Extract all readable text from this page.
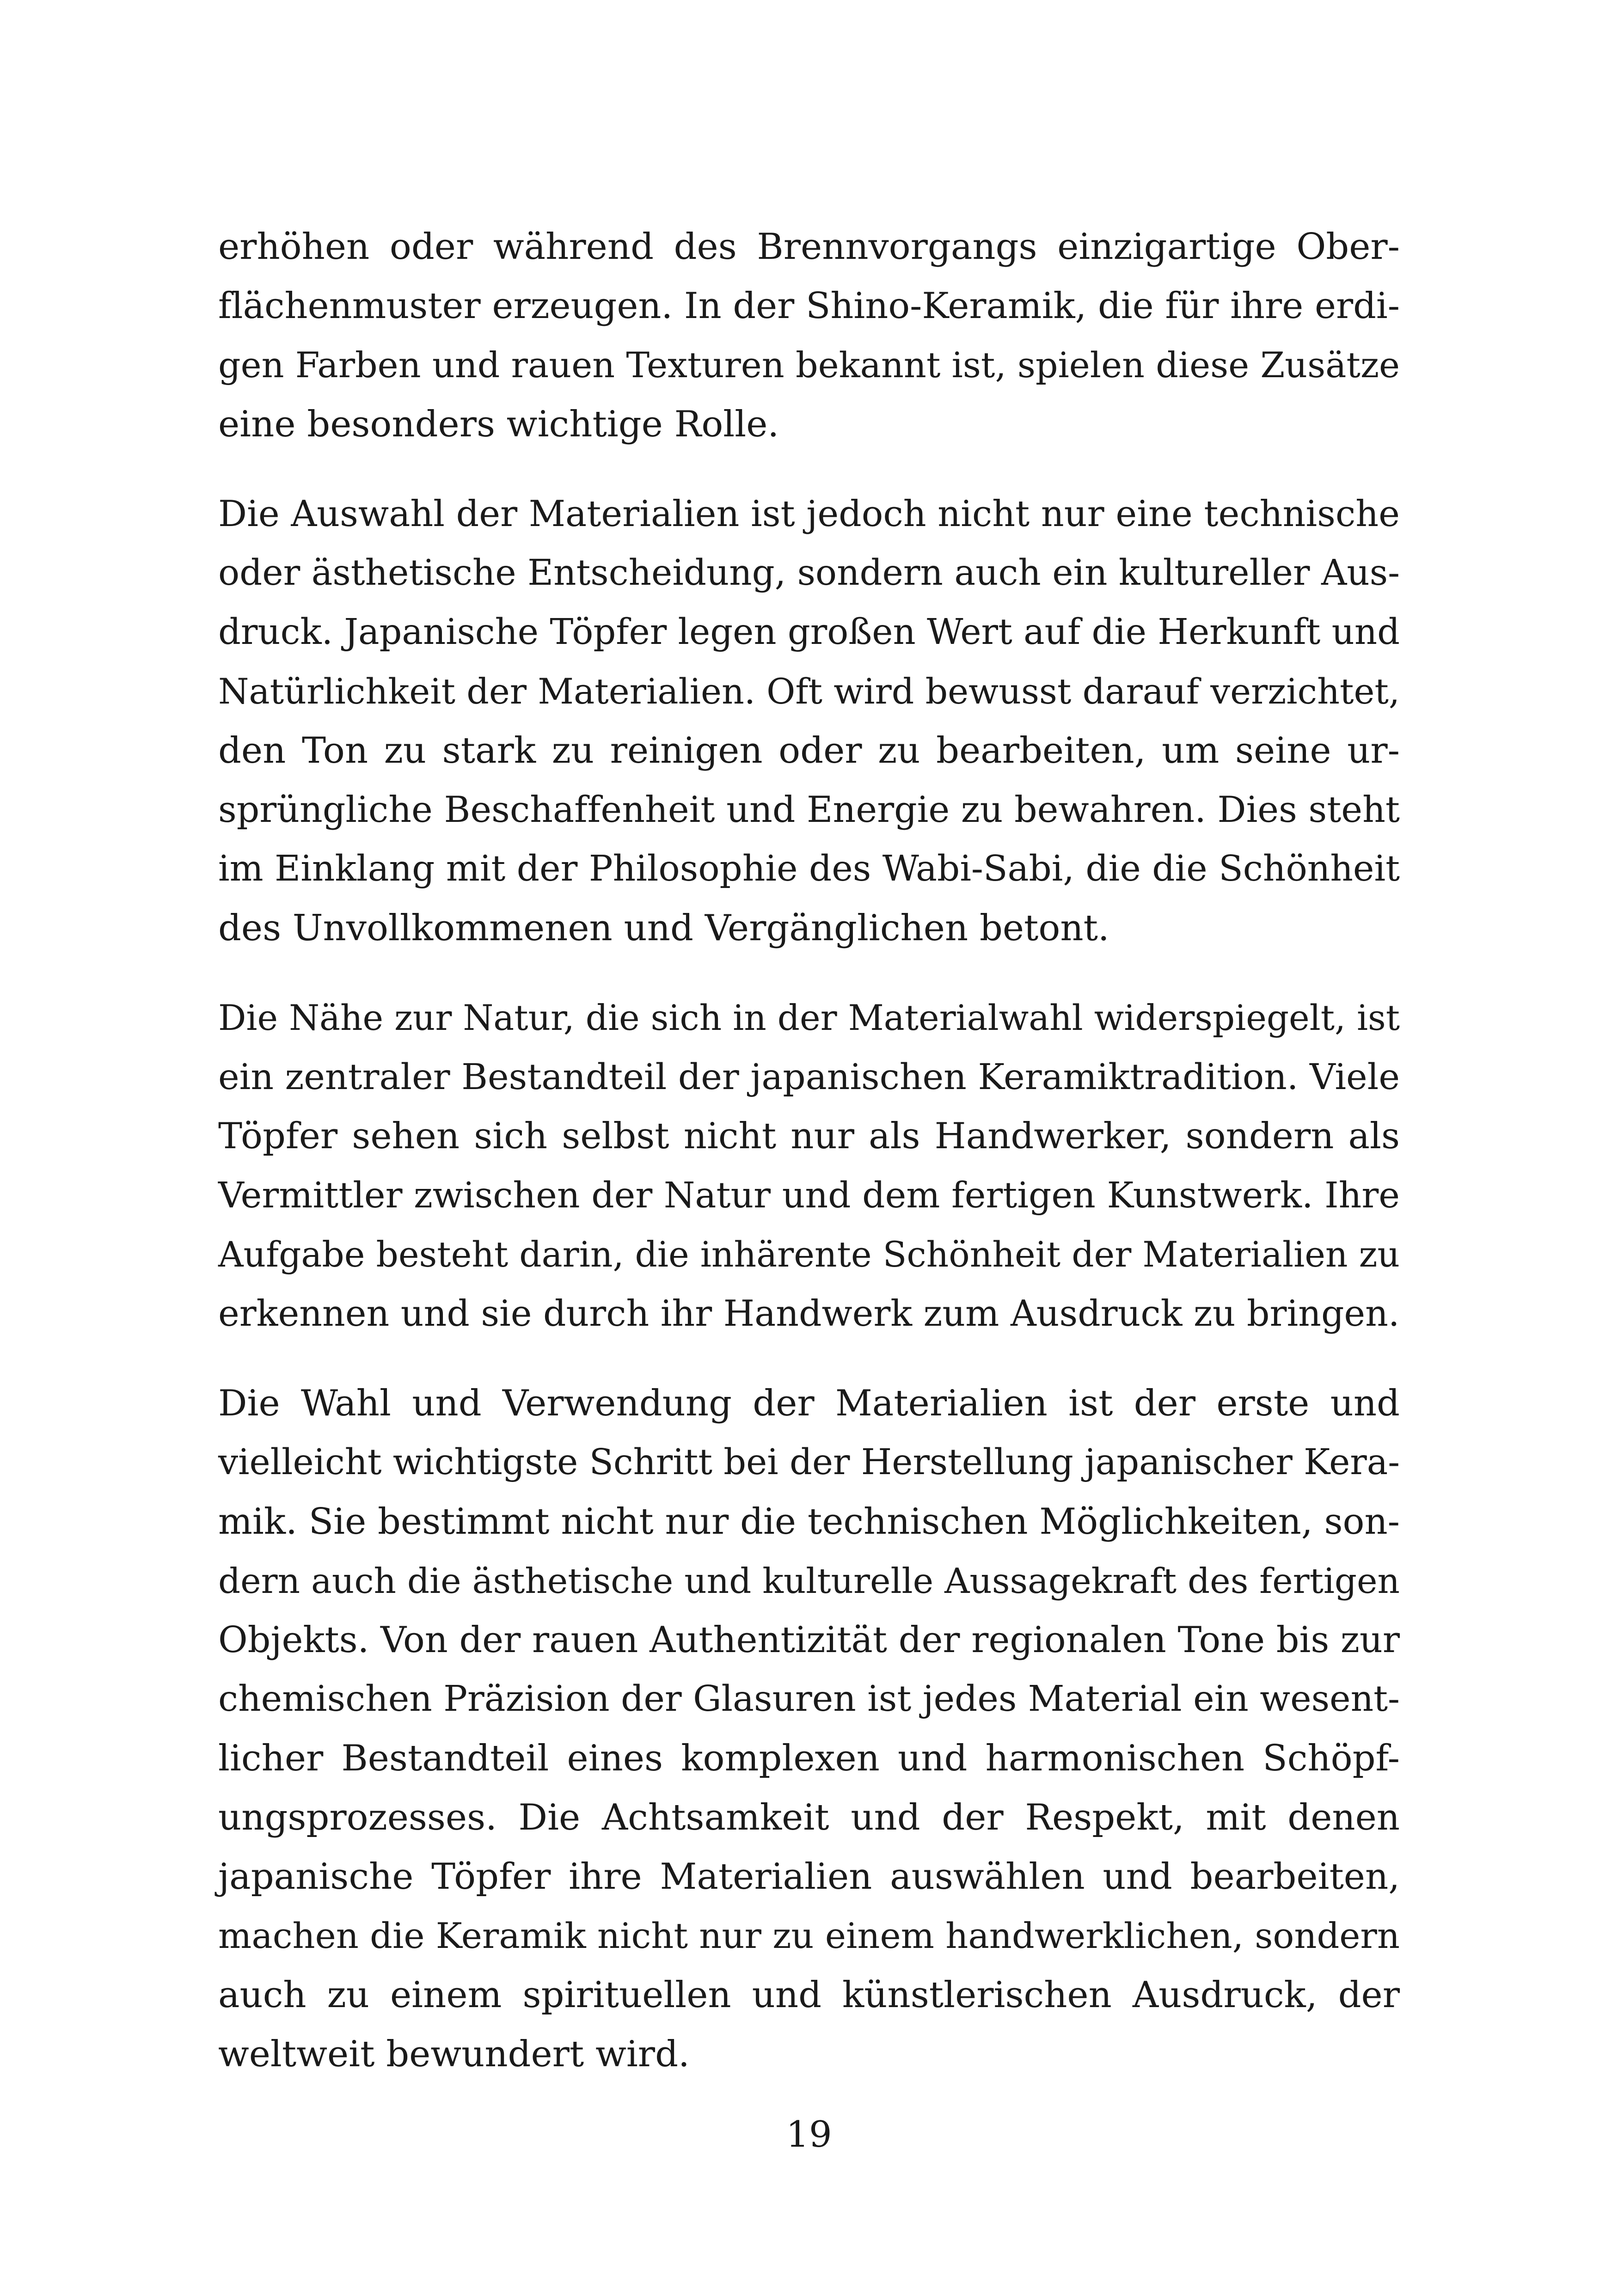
erhöhen oder während des Brennvorgangs einzigartige Ober-
flächenmuster erzeugen. In der Shino-Keramik, die für ihre erdi-
gen Farben und rauen Texturen bekannt ist, spielen diese Zusätze
eine besonders wichtige Rolle.
Die Auswahl der Materialien ist jedoch nicht nur eine technische
oder ästhetische Entscheidung, sondern auch ein kultureller Aus-
druck. Japanische Töpfer legen großen Wert auf die Herkunft und
Natürlichkeit der Materialien. Oft wird bewusst darauf verzichtet,
den Ton zu stark zu reinigen oder zu bearbeiten, um seine ur-
sprüngliche Beschaffenheit und Energie zu bewahren. Dies steht
im Einklang mit der Philosophie des Wabi-Sabi, die die Schönheit
des Unvollkommenen und Vergänglichen betont.
Die Nähe zur Natur, die sich in der Materialwahl widerspiegelt, ist
ein zentraler Bestandteil der japanischen Keramiktradition. Viele
Töpfer sehen sich selbst nicht nur als Handwerker, sondern als
Vermittler zwischen der Natur und dem fertigen Kunstwerk. Ihre
Aufgabe besteht darin, die inhärente Schönheit der Materialien zu
erkennen und sie durch ihr Handwerk zum Ausdruck zu bringen.
Die Wahl und Verwendung der Materialien ist der erste und
vielleicht wichtigste Schritt bei der Herstellung japanischer Kera-
mik. Sie bestimmt nicht nur die technischen Möglichkeiten, son-
dern auch die ästhetische und kulturelle Aussagekraft des fertigen
Objekts. Von der rauen Authentizität der regionalen Tone bis zur
chemischen Präzision der Glasuren ist jedes Material ein wesent-
licher Bestandteil eines komplexen und harmonischen Schöpf-
ungsprozesses. Die Achtsamkeit und der Respekt, mit denen
japanische Töpfer ihre Materialien auswählen und bearbeiten,
machen die Keramik nicht nur zu einem handwerklichen, sondern
auch zu einem spirituellen und künstlerischen Ausdruck, der
weltweit bewundert wird.
19
